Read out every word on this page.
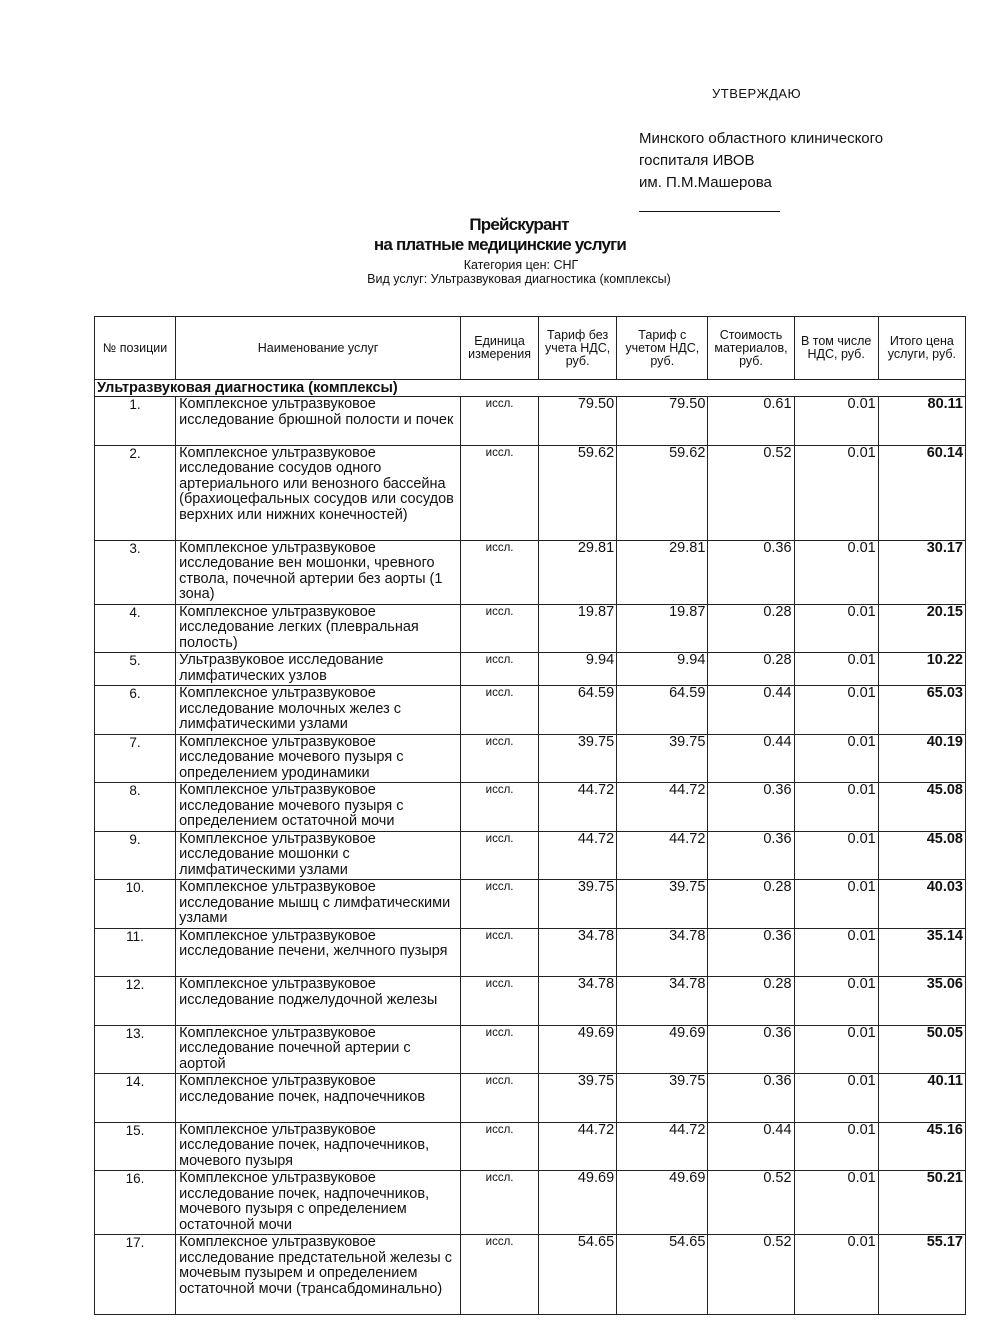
УТВЕРЖДАЮ
Минского областного клинического
госпиталя ИВОВ
им. П.М.Машерова
Прейскурант
на платные медицинские услуги
Категория цен: СНГ
Вид услуг: Ультразвуковая диагностика (комплексы)
№ позиции	Наименование услуг	Единица измерения	Тариф без учета НДС, руб.	Тариф с учетом НДС, руб.	Стоимость материалов, руб.	В том числе НДС, руб.	Итого цена услуги, руб.
Ультразвуковая диагностика (комплексы)							
1.	Комплексное ультразвуковое исследование брюшной полости и почек	иссл.	79.50	79.50	0.61	0.01	80.11
2.	Комплексное ультразвуковое исследование сосудов одного артериального или венозного бассейна (брахиоцефальных сосудов или сосудов верхних или нижних конечностей)	иссл.	59.62	59.62	0.52	0.01	60.14
3.	Комплексное ультразвуковое исследование вен мошонки, чревного ствола, почечной артерии без аорты (1 зона)	иссл.	29.81	29.81	0.36	0.01	30.17
4.	Комплексное ультразвуковое исследование легких (плевральная полость)	иссл.	19.87	19.87	0.28	0.01	20.15
5.	Ультразвуковое исследование лимфатических узлов	иссл.	9.94	9.94	0.28	0.01	10.22
6.	Комплексное ультразвуковое исследование молочных желез с лимфатическими узлами	иссл.	64.59	64.59	0.44	0.01	65.03
7.	Комплексное ультразвуковое исследование мочевого пузыря с определением уродинамики	иссл.	39.75	39.75	0.44	0.01	40.19
8.	Комплексное ультразвуковое исследование мочевого пузыря с определением остаточной мочи	иссл.	44.72	44.72	0.36	0.01	45.08
9.	Комплексное ультразвуковое исследование мошонки с лимфатическими узлами	иссл.	44.72	44.72	0.36	0.01	45.08
10.	Комплексное ультразвуковое исследование мышц с лимфатическими узлами	иссл.	39.75	39.75	0.28	0.01	40.03
11.	Комплексное ультразвуковое исследование печени, желчного пузыря	иссл.	34.78	34.78	0.36	0.01	35.14
12.	Комплексное ультразвуковое исследование поджелудочной железы	иссл.	34.78	34.78	0.28	0.01	35.06
13.	Комплексное ультразвуковое исследование почечной артерии с аортой	иссл.	49.69	49.69	0.36	0.01	50.05
14.	Комплексное ультразвуковое исследование почек, надпочечников	иссл.	39.75	39.75	0.36	0.01	40.11
15.	Комплексное ультразвуковое исследование почек, надпочечников, мочевого пузыря	иссл.	44.72	44.72	0.44	0.01	45.16
16.	Комплексное ультразвуковое исследование почек, надпочечников, мочевого пузыря с определением остаточной мочи	иссл.	49.69	49.69	0.52	0.01	50.21
17.	Комплексное ультразвуковое исследование предстательной железы с мочевым пузырем и определением остаточной мочи (трансабдоминально)	иссл.	54.65	54.65	0.52	0.01	55.17
